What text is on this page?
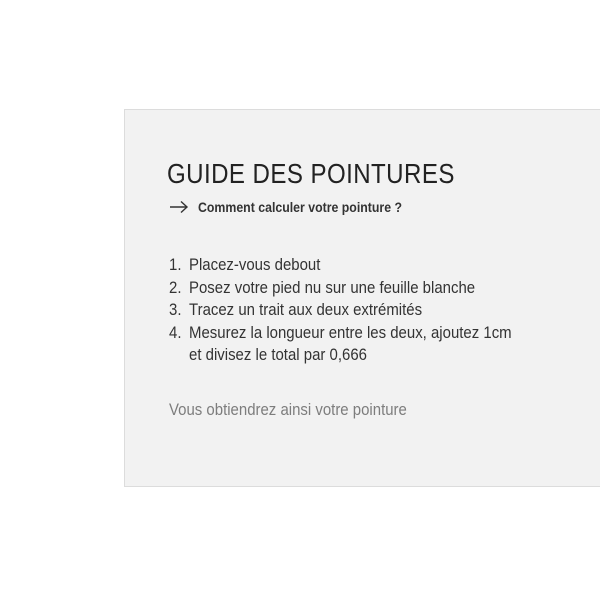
GUIDE DES POINTURES
Comment calculer votre pointure ?
1. Placez-vous debout
2. Posez votre pied nu sur une feuille blanche
3. Tracez un trait aux deux extrémités
4. Mesurez la longueur entre les deux, ajoutez 1cm
et divisez le total par 0,666

Vous obtiendrez ainsi votre pointure
